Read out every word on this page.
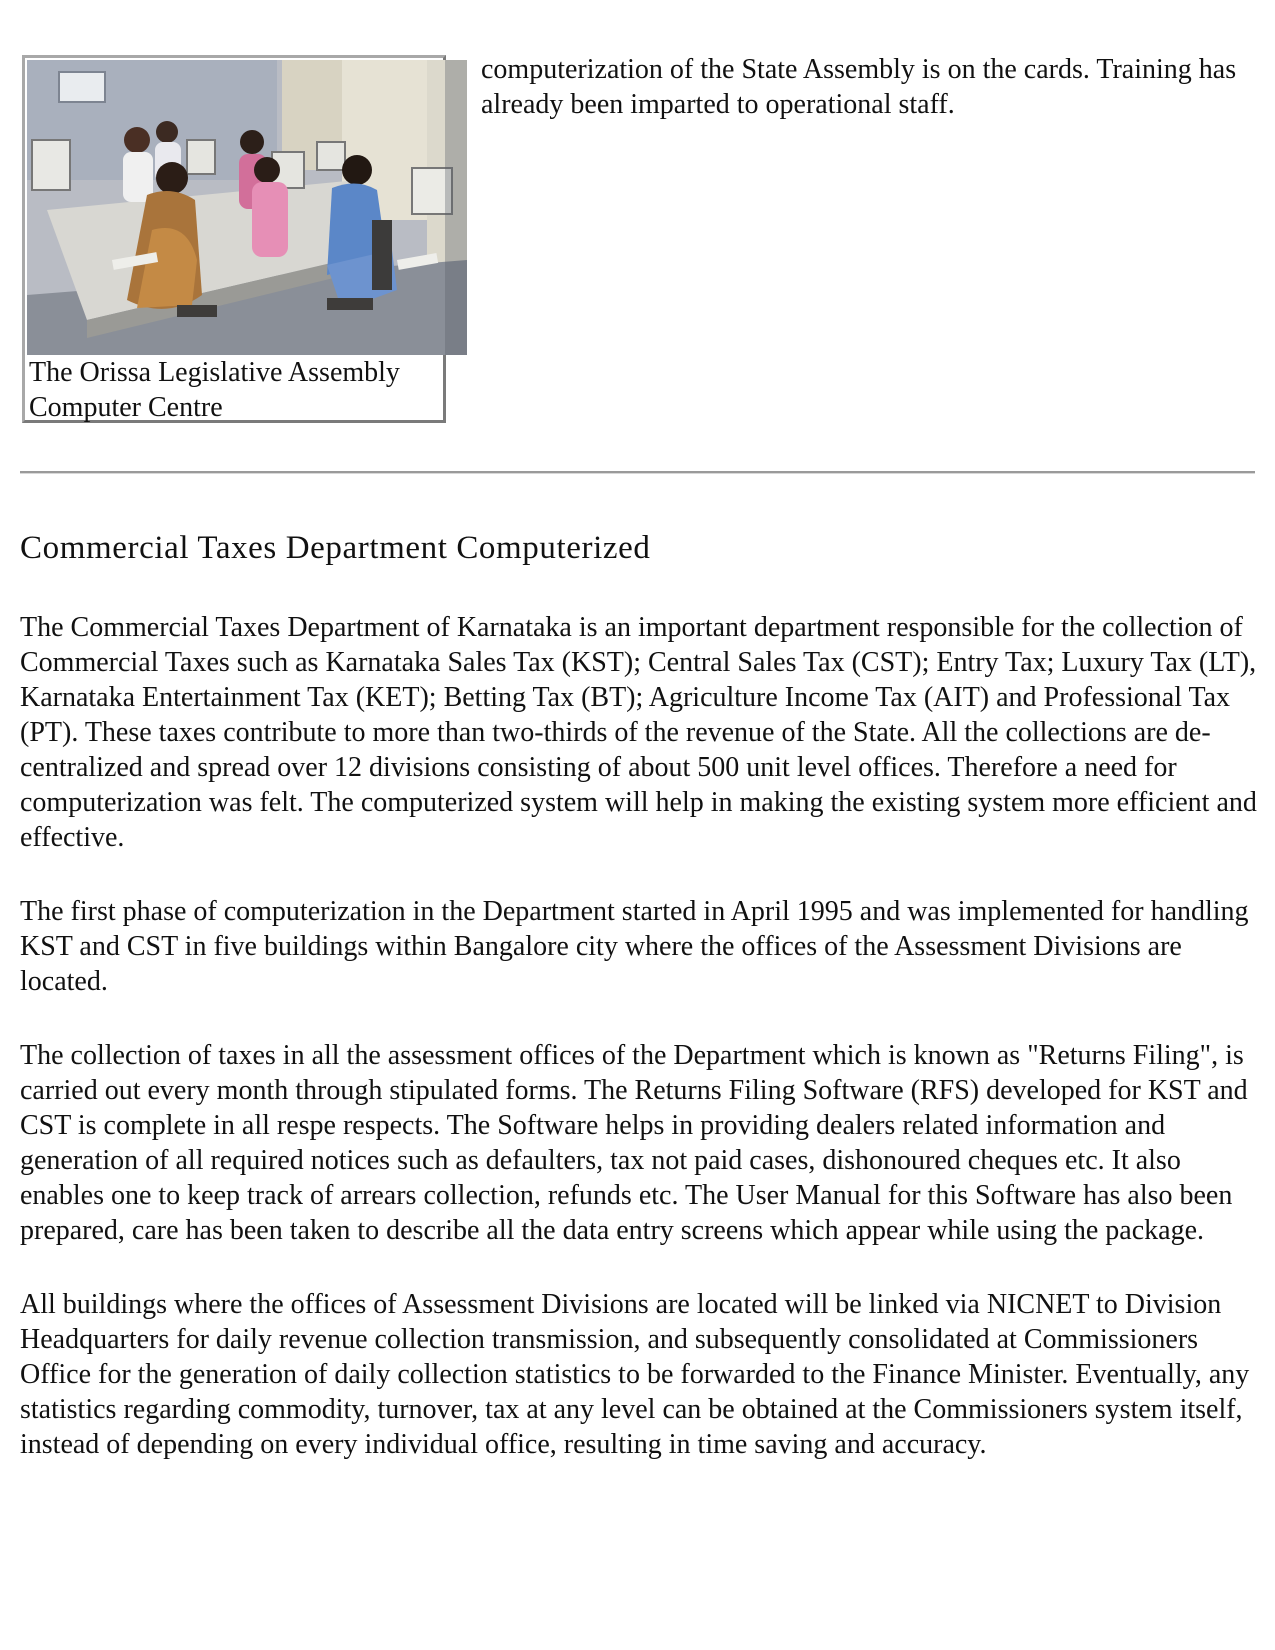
The Orissa Legislative Assembly
Computer Centre
computerization of the State Assembly is on the cards. Training has already been imparted to operational staff.
Commercial Taxes Department Computerized

The Commercial Taxes Department of Karnataka is an important department responsible for the collection of Commercial Taxes such as Karnataka Sales Tax (KST); Central Sales Tax (CST); Entry Tax; Luxury Tax (LT), Karnataka Entertainment Tax (KET); Betting Tax (BT); Agriculture Income Tax (AIT) and Professional Tax (PT). These taxes contribute to more than two-thirds of the revenue of the State. All the collections are de-centralized and spread over 12 divisions consisting of about 500 unit level offices. Therefore a need for computerization was felt. The computerized system will help in making the existing system more efficient and effective.

The first phase of computerization in the Department started in April 1995 and was implemented for handling KST and CST in five buildings within Bangalore city where the offices of the Assessment Divisions are located.

The collection of taxes in all the assessment offices of the Department which is known as "Returns Filing", is carried out every month through stipulated forms. The Returns Filing Software (RFS) developed for KST and CST is complete in all respe respects. The Software helps in providing dealers related information and generation of all required notices such as defaulters, tax not paid cases, dishonoured cheques etc. It also enables one to keep track of arrears collection, refunds etc. The User Manual for this Software has also been prepared, care has been taken to describe all the data entry screens which appear while using the package.

All buildings where the offices of Assessment Divisions are located will be linked via NICNET to Division Headquarters for daily revenue collection transmission, and subsequently consolidated at Commissioners Office for the generation of daily collection statistics to be forwarded to the Finance Minister. Eventually, any statistics regarding commodity, turnover, tax at any level can be obtained at the Commissioners system itself, instead of depending on every individual office, resulting in time saving and accuracy.
